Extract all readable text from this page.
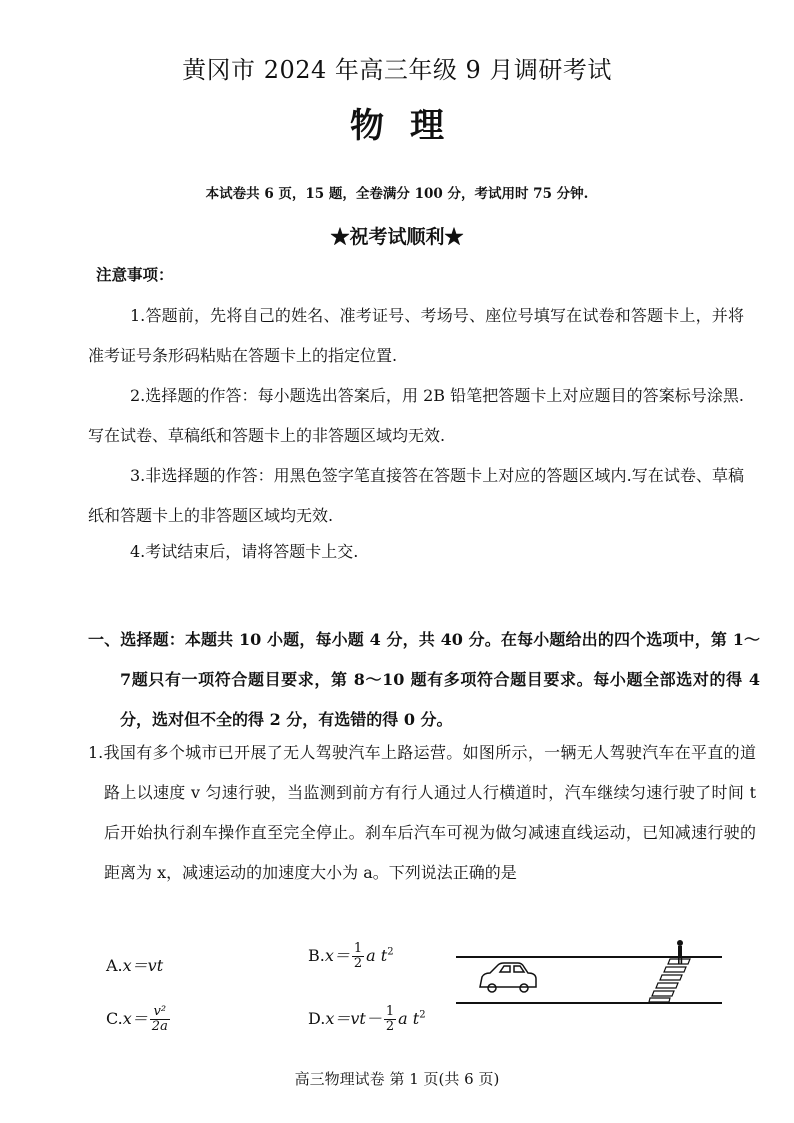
黄冈市 2024 年高三年级 9 月调研考试
物理
本试卷共 6 页，15 题，全卷满分 100 分，考试用时 75 分钟.
★祝考试顺利★
注意事项：
1.答题前，先将自己的姓名、准考证号、考场号、座位号填写在试卷和答题卡上，并将准考证号条形码粘贴在答题卡上的指定位置.
2.选择题的作答：每小题选出答案后，用 2B 铅笔把答题卡上对应题目的答案标号涂黑.写在试卷、草稿纸和答题卡上的非答题区域均无效.
3.非选择题的作答：用黑色签字笔直接答在答题卡上对应的答题区域内.写在试卷、草稿纸和答题卡上的非答题区域均无效.
4.考试结束后，请将答题卡上交.
一、选择题：本题共 10 小题，每小题 4 分，共 40 分。在每小题给出的四个选项中，第 1～7题只有一项符合题目要求，第 8～10 题有多项符合题目要求。每小题全部选对的得 4 分，选对但不全的得 2 分，有选错的得 0 分。
1.我国有多个城市已开展了无人驾驶汽车上路运营。如图所示，一辆无人驾驶汽车在平直的道路上以速度 v 匀速行驶，当监测到前方有行人通过人行横道时，汽车继续匀速行驶了时间 t 后开始执行刹车操作直至完全停止。刹车后汽车可视为做匀减速直线运动，已知减速行驶的距离为 x，减速运动的加速度大小为 a。下列说法正确的是
A.x＝vt
$B.x= \frac{1}{2}$ a $t^2$
$C.x= \frac{\text{v²}}{2a}$	$D.x=vt- \frac{1}{2}$ a $t^2$
高三物理试卷 第 1 页(共 6 页)
